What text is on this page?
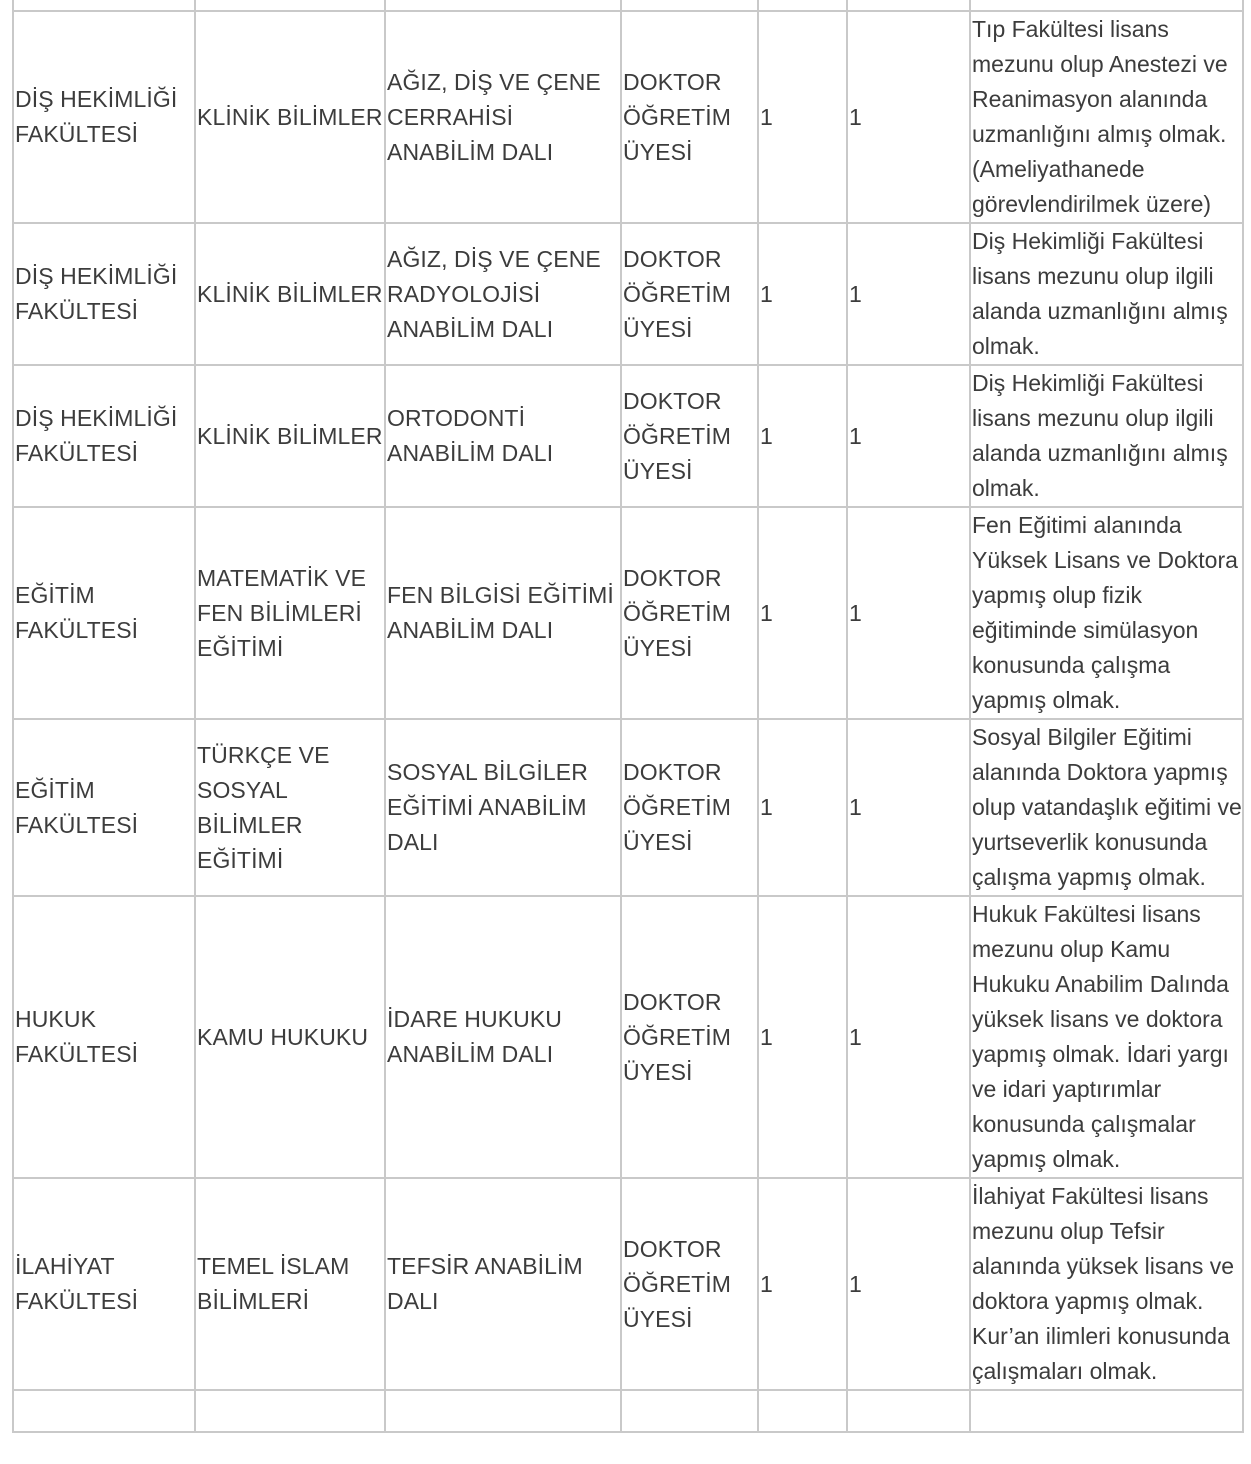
DİŞ HEKİMLİĞİ FAKÜLTESİ	KLİNİK BİLİMLER	AĞIZ, DİŞ VE ÇENE CERRAHİSİ ANABİLİM DALI	DOKTOR ÖĞRETİM ÜYESİ	1	1	Tıp Fakültesi lisans mezunu olup Anestezi ve Reanimasyon alanında uzmanlığını almış olmak. (Ameliyathanede görevlendirilmek üzere)
DİŞ HEKİMLİĞİ FAKÜLTESİ	KLİNİK BİLİMLER	AĞIZ, DİŞ VE ÇENE RADYOLOJİSİ ANABİLİM DALI	DOKTOR ÖĞRETİM ÜYESİ	1	1	Diş Hekimliği Fakültesi lisans mezunu olup ilgili alanda uzmanlığını almış olmak.
DİŞ HEKİMLİĞİ FAKÜLTESİ	KLİNİK BİLİMLER	ORTODONTİ ANABİLİM DALI	DOKTOR ÖĞRETİM ÜYESİ	1	1	Diş Hekimliği Fakültesi lisans mezunu olup ilgili alanda uzmanlığını almış olmak.
EĞİTİM FAKÜLTESİ	MATEMATİK VE FEN BİLİMLERİ EĞİTİMİ	FEN BİLGİSİ EĞİTİMİ ANABİLİM DALI	DOKTOR ÖĞRETİM ÜYESİ	1	1	Fen Eğitimi alanında Yüksek Lisans ve Doktora yapmış olup fizik eğitiminde simülasyon konusunda çalışma yapmış olmak.
EĞİTİM FAKÜLTESİ	TÜRKÇE VE SOSYAL BİLİMLER EĞİTİMİ	SOSYAL BİLGİLER EĞİTİMİ ANABİLİM DALI	DOKTOR ÖĞRETİM ÜYESİ	1	1	Sosyal Bilgiler Eğitimi alanında Doktora yapmış olup vatandaşlık eğitimi ve yurtseverlik konusunda çalışma yapmış olmak.
HUKUK FAKÜLTESİ	KAMU HUKUKU	İDARE HUKUKU ANABİLİM DALI	DOKTOR ÖĞRETİM ÜYESİ	1	1	Hukuk Fakültesi lisans mezunu olup Kamu Hukuku Anabilim Dalında yüksek lisans ve doktora yapmış olmak. İdari yargı ve idari yaptırımlar konusunda çalışmalar yapmış olmak.
İLAHİYAT FAKÜLTESİ	TEMEL İSLAM BİLİMLERİ	TEFSİR ANABİLİM DALI	DOKTOR ÖĞRETİM ÜYESİ	1	1	İlahiyat Fakültesi lisans mezunu olup Tefsir alanında yüksek lisans ve doktora yapmış olmak. Kur’an ilimleri konusunda çalışmaları olmak.
